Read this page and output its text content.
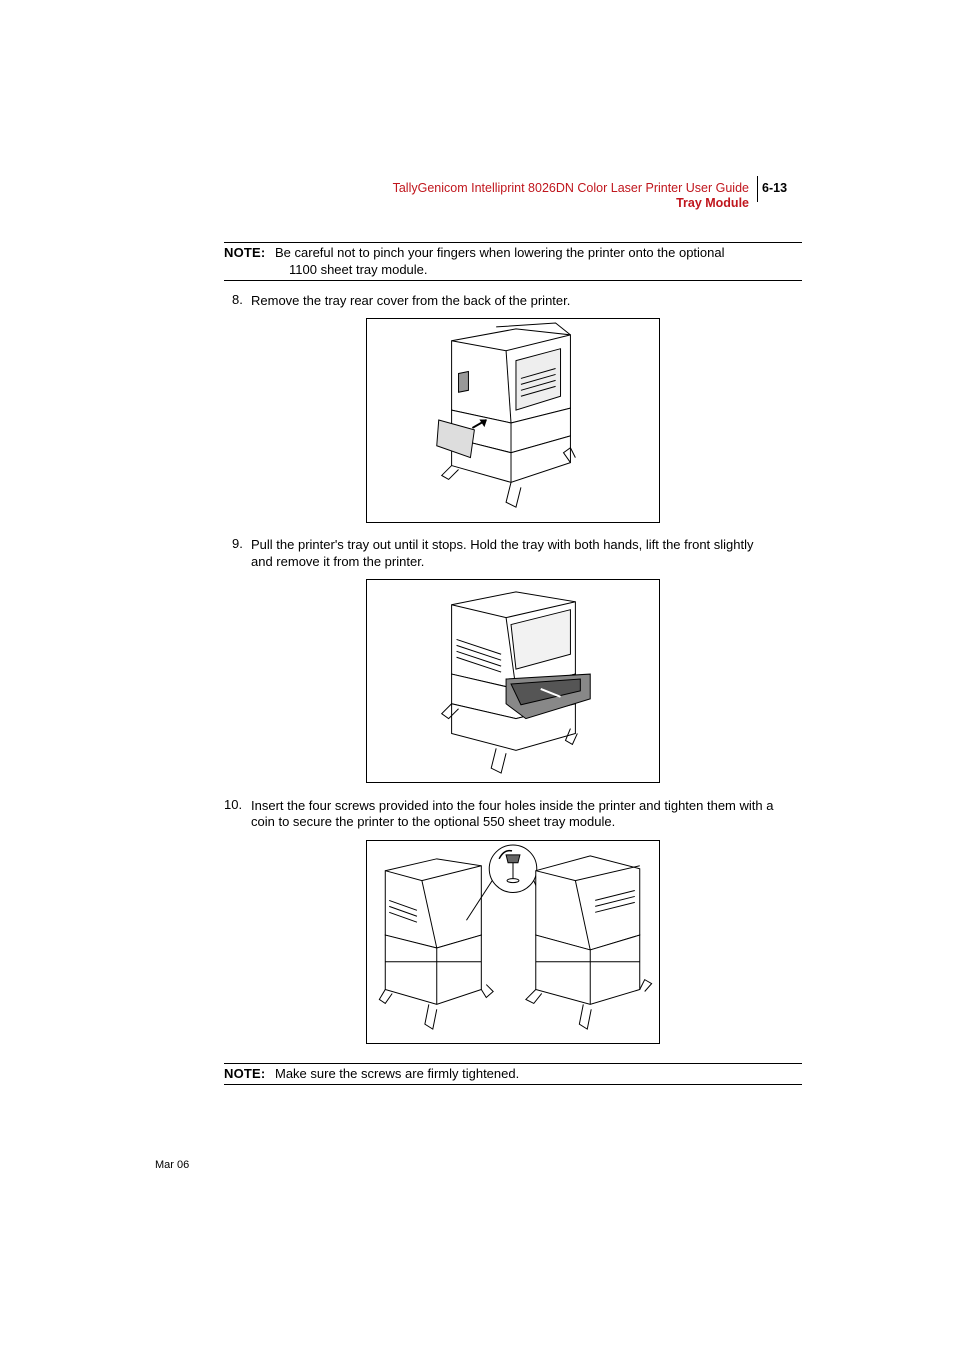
TallyGenicom Intelliprint 8026DN Color Laser Printer User Guide
Tray Module
6-13
NOTE: Be careful not to pinch your fingers when lowering the printer onto the optional
1100 sheet tray module.
8. Remove the tray rear cover from the back of the printer.
9. Pull the printer's tray out until it stops. Hold the tray with both hands, lift the front slightly
and remove it from the printer.
10. Insert the four screws provided into the four holes inside the printer and tighten them with a
coin to secure the printer to the optional 550 sheet tray module.
NOTE: Make sure the screws are firmly tightened.
Mar 06
